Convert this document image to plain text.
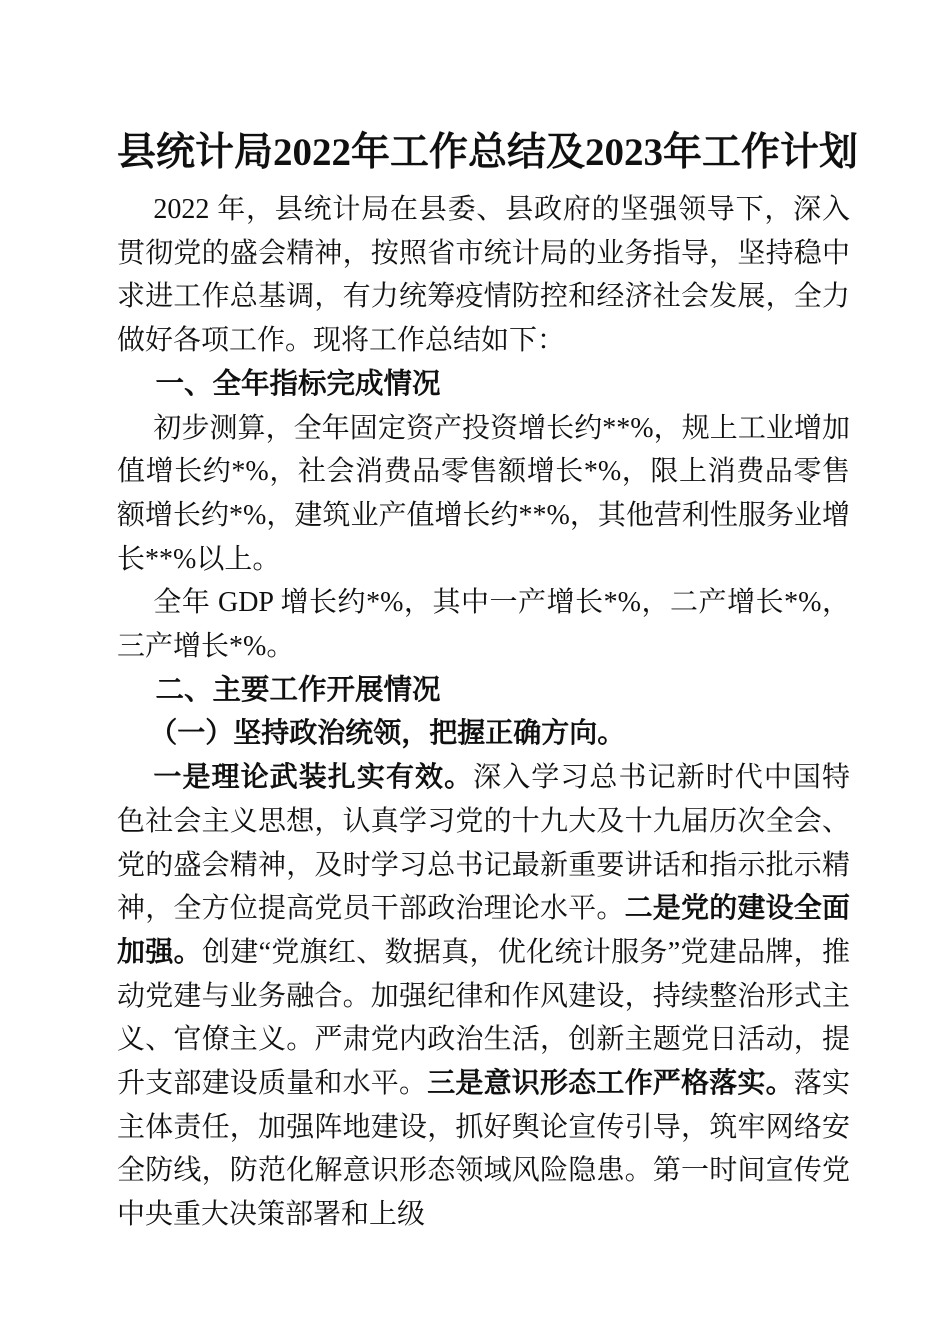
县统计局2022年工作总结及2023年工作计划
2022 年，县统计局在县委、县政府的坚强领导下，深入贯彻党的盛会精神，按照省市统计局的业务指导，坚持稳中求进工作总基调，有力统筹疫情防控和经济社会发展，全力做好各项工作。现将工作总结如下：
一、全年指标完成情况
初步测算，全年固定资产投资增长约**%，规上工业增加值增长约*%，社会消费品零售额增长*%，限上消费品零售额增长约*%，建筑业产值增长约**%，其他营利性服务业增长**%以上。
全年 GDP 增长约*%，其中一产增长*%，二产增长*%，三产增长*%。
二、主要工作开展情况
（一）坚持政治统领，把握正确方向。
一是理论武装扎实有效。深入学习总书记新时代中国特色社会主义思想，认真学习党的十九大及十九届历次全会、党的盛会精神，及时学习总书记最新重要讲话和指示批示精神，全方位提高党员干部政治理论水平。二是党的建设全面加强。创建“党旗红、数据真，优化统计服务”党建品牌，推动党建与业务融合。加强纪律和作风建设，持续整治形式主义、官僚主义。严肃党内政治生活，创新主题党日活动，提升支部建设质量和水平。三是意识形态工作严格落实。落实主体责任，加强阵地建设，抓好舆论宣传引导，筑牢网络安全防线，防范化解意识形态领域风险隐患。第一时间宣传党中央重大决策部署和上级
